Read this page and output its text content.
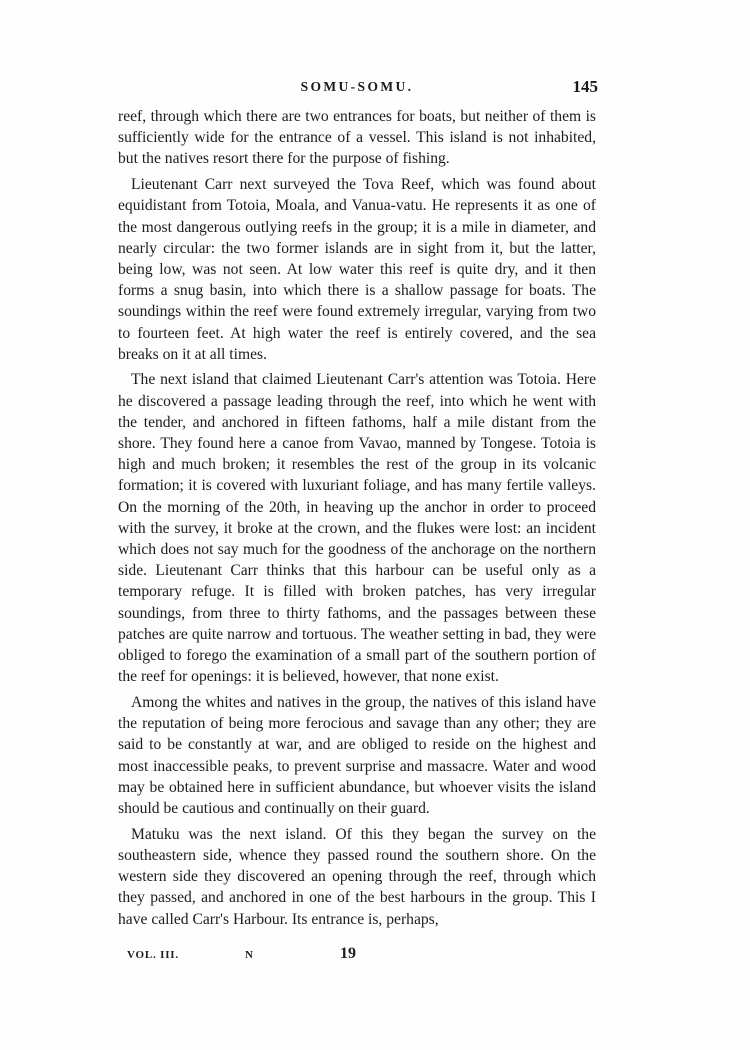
SOMU-SOMU.	145

reef, through which there are two entrances for boats, but neither of them is sufficiently wide for the entrance of a vessel. This island is not inhabited, but the natives resort there for the purpose of fishing.

Lieutenant Carr next surveyed the Tova Reef, which was found about equidistant from Totoia, Moala, and Vanua-vatu. He represents it as one of the most dangerous outlying reefs in the group; it is a mile in diameter, and nearly circular: the two former islands are in sight from it, but the latter, being low, was not seen. At low water this reef is quite dry, and it then forms a snug basin, into which there is a shallow passage for boats. The soundings within the reef were found extremely irregular, varying from two to fourteen feet. At high water the reef is entirely covered, and the sea breaks on it at all times.

The next island that claimed Lieutenant Carr's attention was Totoia. Here he discovered a passage leading through the reef, into which he went with the tender, and anchored in fifteen fathoms, half a mile distant from the shore. They found here a canoe from Vavao, manned by Tongese. Totoia is high and much broken; it resembles the rest of the group in its volcanic formation; it is covered with luxuriant foliage, and has many fertile valleys. On the morning of the 20th, in heaving up the anchor in order to proceed with the survey, it broke at the crown, and the flukes were lost: an incident which does not say much for the goodness of the anchorage on the northern side. Lieutenant Carr thinks that this harbour can be useful only as a temporary refuge. It is filled with broken patches, has very irregular soundings, from three to thirty fathoms, and the passages between these patches are quite narrow and tortuous. The weather setting in bad, they were obliged to forego the examination of a small part of the southern portion of the reef for openings: it is believed, however, that none exist.

Among the whites and natives in the group, the natives of this island have the reputation of being more ferocious and savage than any other; they are said to be constantly at war, and are obliged to reside on the highest and most inaccessible peaks, to prevent surprise and massacre. Water and wood may be obtained here in sufficient abundance, but whoever visits the island should be cautious and continually on their guard.

Matuku was the next island. Of this they began the survey on the southeastern side, whence they passed round the southern shore. On the western side they discovered an opening through the reef, through which they passed, and anchored in one of the best harbours in the group. This I have called Carr's Harbour. Its entrance is, perhaps,

VOL. III.	N	19
